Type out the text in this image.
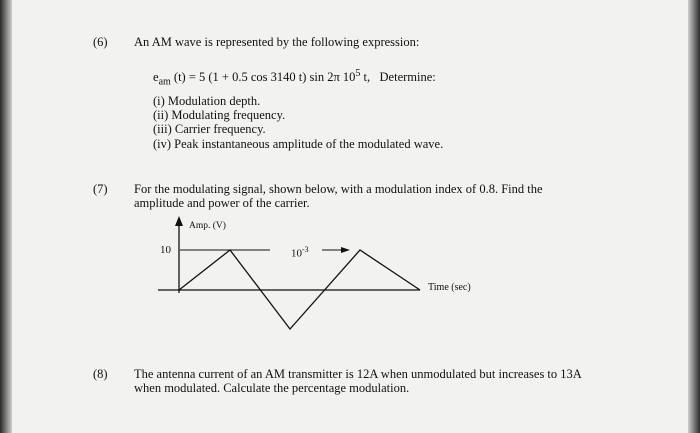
(6) An AM wave is represented by the following expression:
$e_{am}$ (t) = 5 (1 + 0.5 cos 3140 t) sin 2π $10^5$ t, Determine:
(i) Modulation depth.
(ii) Modulating frequency.
(iii) Carrier frequency.
(iv) Peak instantaneous amplitude of the modulated wave.
(7) For the modulating signal, shown below, with a modulation index of 0.8. Find the
amplitude and power of the carrier.
Amp. (V)
10	$10^{-3}$
Time (sec)
(8) The antenna current of an AM transmitter is 12A when unmodulated but increases to 13A
when modulated. Calculate the percentage modulation.
